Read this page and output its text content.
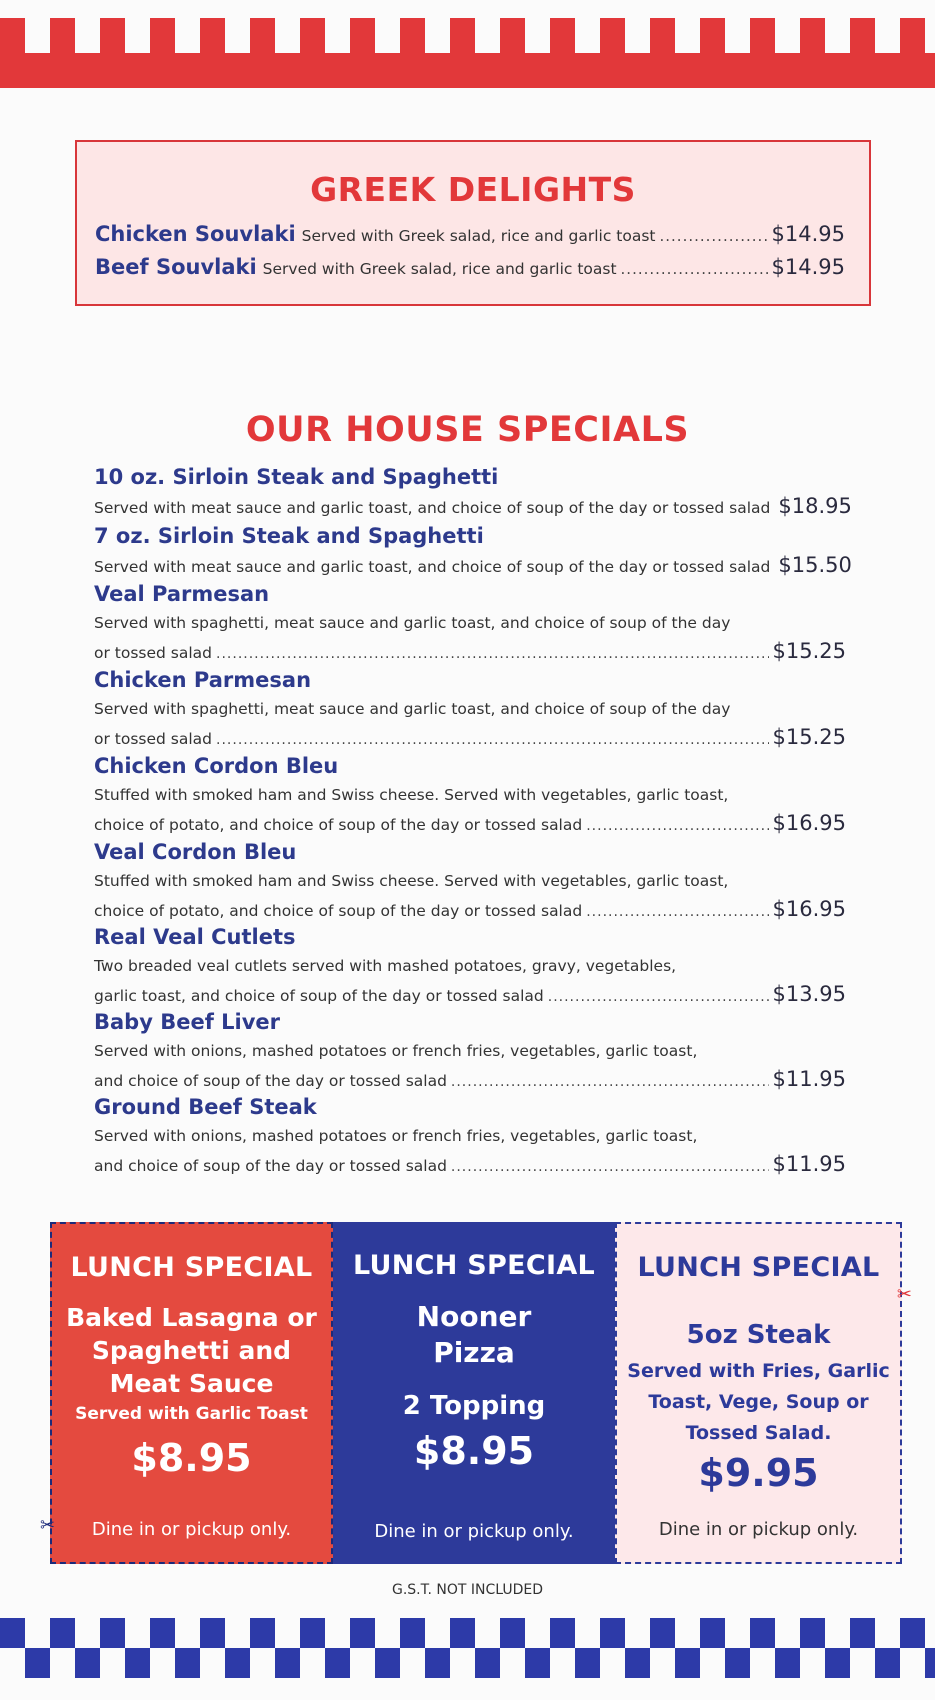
GREEK DELIGHTS
Chicken Souvlaki Served with Greek salad, rice and garlic toast .....	$14.95
Beef Souvlaki Served with Greek salad, rice and garlic toast .....	$14.95
OUR HOUSE SPECIALS
10 oz. Sirloin Steak and Spaghetti
Served with meat sauce and garlic toast, and choice of soup of the day or tossed salad $18.95
7 oz. Sirloin Steak and Spaghetti
Served with meat sauce and garlic toast, and choice of soup of the day or tossed salad $15.50
Veal Parmesan
Served with spaghetti, meat sauce and garlic toast, and choice of soup of the day
or tossed salad .....	$15.25
Chicken Parmesan
Served with spaghetti, meat sauce and garlic toast, and choice of soup of the day
or tossed salad .....	$15.25
Chicken Cordon Bleu
Stuffed with smoked ham and Swiss cheese. Served with vegetables, garlic toast,
choice of potato, and choice of soup of the day or tossed salad .....	$16.95
Veal Cordon Bleu
Stuffed with smoked ham and Swiss cheese. Served with vegetables, garlic toast,
choice of potato, and choice of soup of the day or tossed salad .....	$16.95
Real Veal Cutlets
Two breaded veal cutlets served with mashed potatoes, gravy, vegetables,
garlic toast, and choice of soup of the day or tossed salad .....	$13.95
Baby Beef Liver
Served with onions, mashed potatoes or french fries, vegetables, garlic toast,
and choice of soup of the day or tossed salad .....	$11.95
Ground Beef Steak
Served with onions, mashed potatoes or french fries, vegetables, garlic toast,
and choice of soup of the day or tossed salad .....	$11.95
LUNCH SPECIAL
Baked Lasagna or Spaghetti and Meat Sauce
Served with Garlic Toast
$8.95
Dine in or pickup only.
✂
LUNCH SPECIAL
Nooner Pizza
2 Topping
$8.95
Dine in or pickup only.
LUNCH SPECIAL
5oz Steak
Served with Fries, Garlic Toast, Vege, Soup or Tossed Salad.
$9.95
Dine in or pickup only.
✂
G.S.T. NOT INCLUDED
